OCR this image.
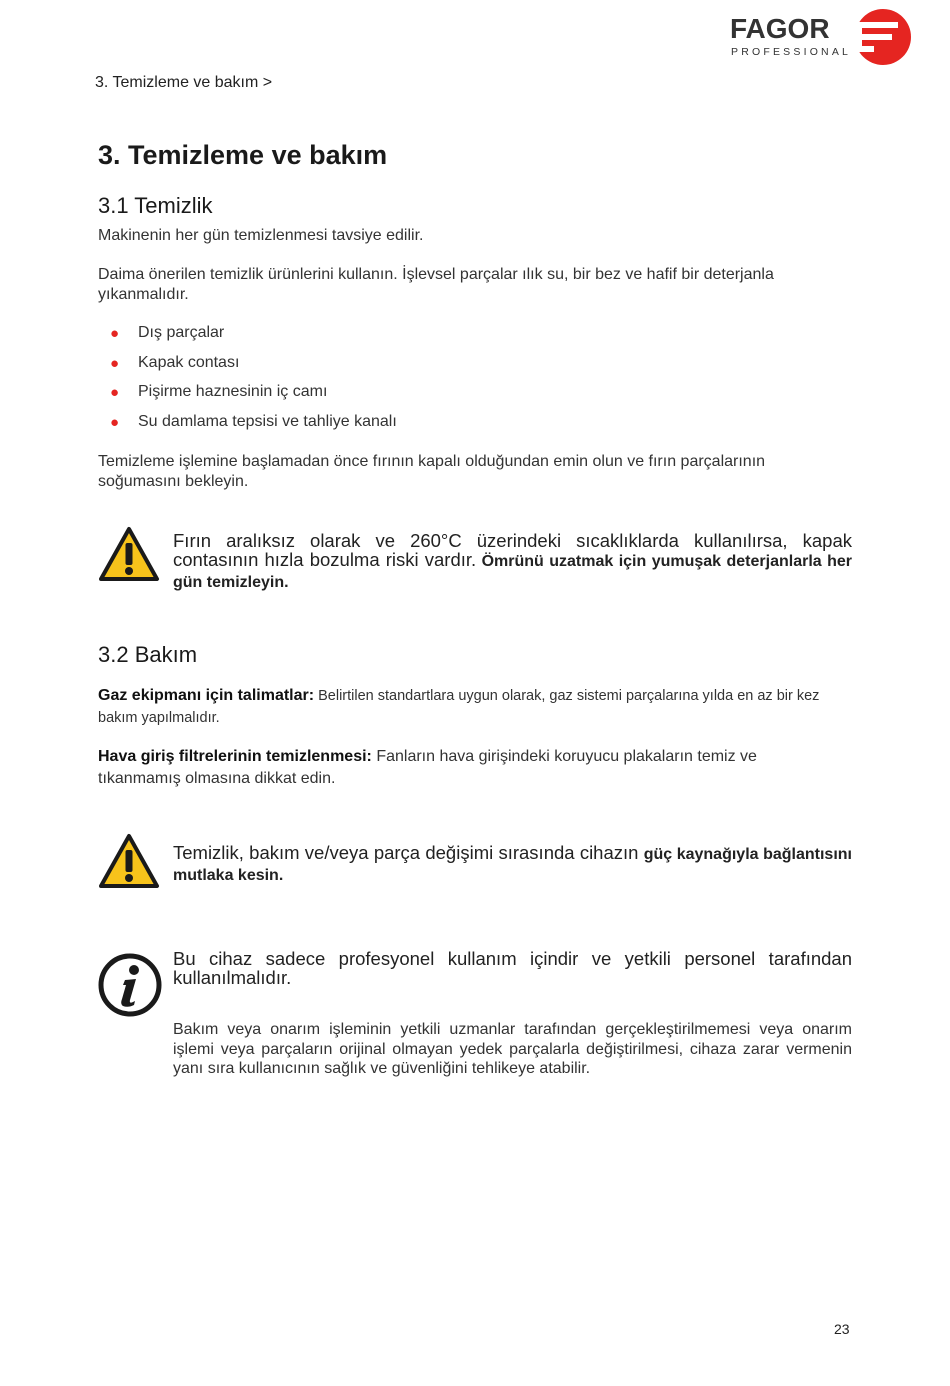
FAGOR
PROFESSIONAL
3. Temizleme ve bakım >
3. Temizleme ve bakım
3.1 Temizlik

Makinenin her gün temizlenmesi tavsiye edilir.

Daima önerilen temizlik ürünlerini kullanın. İşlevsel parçalar ılık su, bir bez ve hafif bir deterjanla yıkanmalıdır.

● Dış parçalar
● Kapak contası
● Pişirme haznesinin iç camı
● Su damlama tepsisi ve tahliye kanalı

Temizleme işlemine başlamadan önce fırının kapalı olduğundan emin olun ve fırın parçalarının soğumasını bekleyin.

Fırın aralıksız olarak ve 260°C üzerindeki sıcaklıklarda kullanılırsa, kapak contasının hızla bozulma riski vardır. Ömrünü uzatmak için yumuşak deterjanlarla her gün temizleyin.
3.2 Bakım

Gaz ekipmanı için talimatlar: Belirtilen standartlara uygun olarak, gaz sistemi parçalarına yılda en az bir kez bakım yapılmalıdır.

Hava giriş filtrelerinin temizlenmesi: Fanların hava girişindeki koruyucu plakaların temiz ve tıkanmamış olmasına dikkat edin.

Temizlik, bakım ve/veya parça değişimi sırasında cihazın güç kaynağıyla bağlantısını mutlaka kesin.
Bu cihaz sadece profesyonel kullanım içindir ve yetkili personel tarafından kullanılmalıdır.
Bakım veya onarım işleminin yetkili uzmanlar tarafından gerçekleştirilmemesi veya onarım işlemi veya parçaların orijinal olmayan yedek parçalarla değiştirilmesi, cihaza zarar vermenin yanı sıra kullanıcının sağlık ve güvenliğini tehlikeye atabilir.
23
